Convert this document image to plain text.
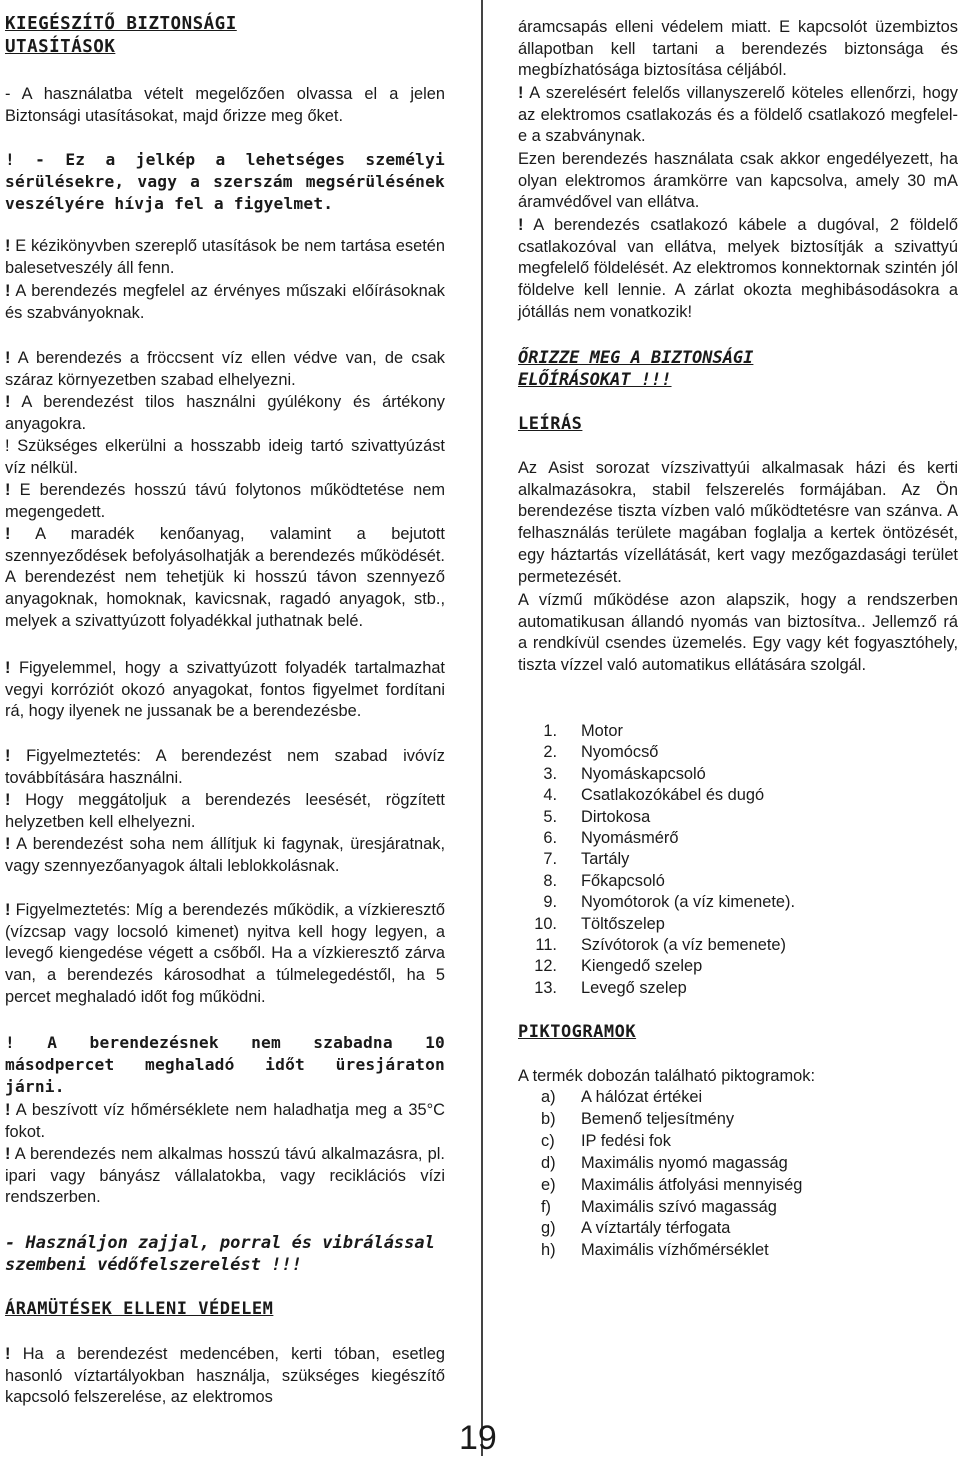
KIEGÉSZÍTŐ BIZTONSÁGI
UTASÍTÁSOK

- A használatba vételt megelőzően olvassa el a jelen Biztonsági utasításokat, majd őrizze meg őket.

! - Ez a jelkép a lehetséges személyi sérülésekre, vagy a szerszám megsérülésének veszélyére hívja fel a figyelmet.

! E kézikönyvben szereplő utasítások be nem tartása esetén balesetveszély áll fenn.

! A berendezés megfelel az érvényes műszaki előírásoknak és szabványoknak.

! A berendezés a fröccsent víz ellen védve van, de csak száraz környezetben szabad elhelyezni.

! A berendezést tilos használni gyúlékony és ártékony anyagokra.

! Szükséges elkerülni a hosszabb ideig tartó szivattyúzást víz nélkül.

! E berendezés hosszú távú folytonos működtetése nem megengedett.

! A maradék kenőanyag, valamint a bejutott szennyeződések befolyásolhatják a berendezés működését. A berendezést nem tehetjük ki hosszú távon szennyező anyagoknak, homoknak, kavicsnak, ragadó anyagok, stb., melyek a szivattyúzott folyadékkal juthatnak belé.

! Figyelemmel, hogy a szivattyúzott folyadék tartalmazhat vegyi korróziót okozó anyagokat, fontos figyelmet fordítani rá, hogy ilyenek ne jussanak be a berendezésbe.

! Figyelmeztetés: A berendezést nem szabad ivóvíz továbbítására használni.

! Hogy meggátoljuk a berendezés leesését, rögzített helyzetben kell elhelyezni.

! A berendezést soha nem állítjuk ki fagynak, üresjáratnak, vagy szennyezőanyagok általi leblokkolásnak.

! Figyelmeztetés: Míg a berendezés működik, a vízkieresztő (vízcsap vagy locsoló kimenet) nyitva kell hogy legyen, a levegő kiengedése végett a csőből. Ha a vízkieresztő zárva van, a berendezés károsodhat a túlmelegedéstől, ha 5 percet meghaladó időt fog működni.

! A berendezésnek nem szabadna 10 másodpercet meghaladó időt üresjáraton járni.

! A beszívott víz hőmérséklete nem haladhatja meg a 35°C fokot.

! A berendezés nem alkalmas hosszú távú alkalmazásra, pl. ipari vagy bányász vállalatokba, vagy reciklációs vízi rendszerben.

- Használjon zajjal, porral és vibrálással szembeni védőfelszerelést !!!

ÁRAMÜTÉSEK ELLENI VÉDELEM

! Ha a berendezést medencében, kerti tóban, esetleg hasonló víztartályokban használja, szükséges kiegészítő kapcsoló felszerelése, az elektromos

áramcsapás elleni védelem miatt. E kapcsolót üzembiztos állapotban kell tartani a berendezés biztonsága és megbízhatósága biztosítása céljából.

! A szerelésért felelős villanyszerelő köteles ellenőrzi, hogy az elektromos csatlakozás és a földelő csatlakozó megfelel-e a szabványnak.

Ezen berendezés használata csak akkor engedélyezett, ha olyan elektromos áramkörre van kapcsolva, amely 30 mA áramvédővel van ellátva.

! A berendezés csatlakozó kábele a dugóval, 2 földelő csatlakozóval van ellátva, melyek biztosítják a szivattyú megfelelő földelését. Az elektromos konnektornak szintén jól földelve kell lennie. A zárlat okozta meghibásodásokra a jótállás nem vonatkozik!

ŐRIZZE MEG A BIZTONSÁGI
ELŐÍRÁSOKAT !!!
LEÍRÁS

Az Asist sorozat vízszivattyúi alkalmasak házi és kerti alkalmazásokra, stabil felszerelés formájában. Az Ön berendezése tiszta vízben való működtetésre van szánva. A felhasználás területe magában foglalja a kertek öntözését, egy háztartás vízellátását, kert vagy mezőgazdasági terület permetezését.

A vízmű működése azon alapszik, hogy a rendszerben automatikusan állandó nyomás van biztosítva.. Jellemző rá a rendkívül csendes üzemelés. Egy vagy két fogyasztóhely, tiszta vízzel való automatikus ellátására szolgál.

1. Motor
2. Nyomócső
3. Nyomáskapcsoló
4. Csatlakozókábel és dugó
5. Dirtokosa
6. Nyomásmérő
7. Tartály
8. Főkapcsoló
9. Nyomótorok (a víz kimenete).
10. Töltőszelep
11. Szívótorok (a víz bemenete)
12. Kiengedő szelep
13. Levegő szelep
PIKTOGRAMOK

A termék dobozán található piktogramok:

a) A hálózat értékei
b) Bemenő teljesítmény
c) IP fedési fok
d) Maximális nyomó magasság
e) Maximális átfolyási mennyiség
f) Maximális szívó magasság
g) A víztartály térfogata
h) Maximális vízhőmérséklet
19
